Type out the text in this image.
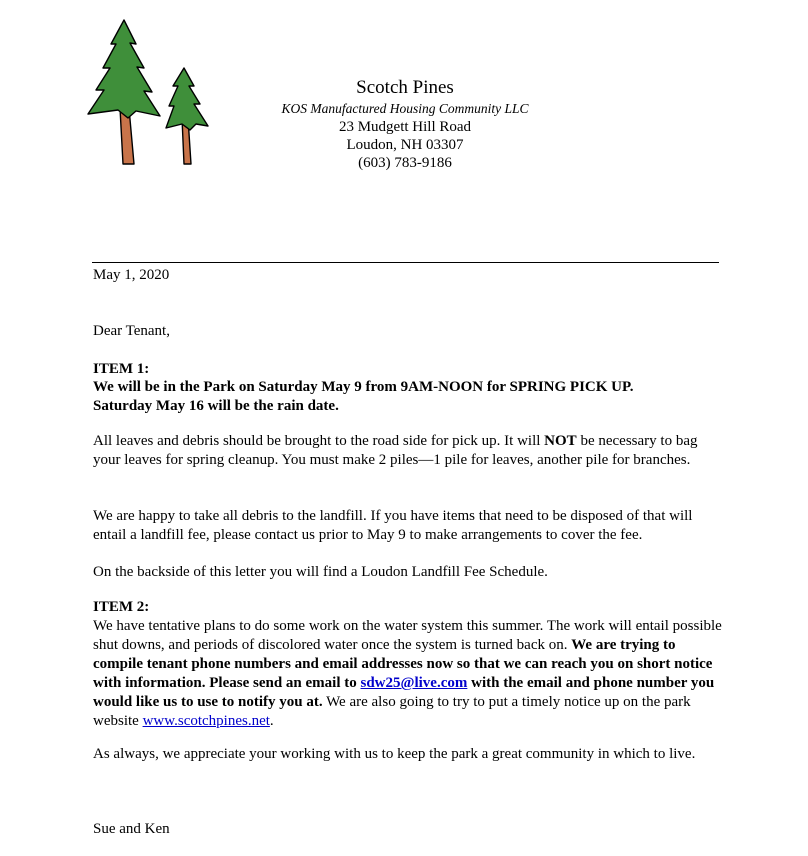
Scotch Pines
KOS Manufactured Housing Community LLC
23 Mudgett Hill Road
Loudon, NH 03307
(603) 783-9186
May 1, 2020
Dear Tenant,
ITEM 1:
We will be in the Park on Saturday May 9 from 9AM-NOON for SPRING PICK UP.
Saturday May 16 will be the rain date.
All leaves and debris should be brought to the road side for pick up. It will NOT be necessary to bag your leaves for spring cleanup. You must make 2 piles—1 pile for leaves, another pile for branches.
We are happy to take all debris to the landfill. If you have items that need to be disposed of that will entail a landfill fee, please contact us prior to May 9 to make arrangements to cover the fee.
On the backside of this letter you will find a Loudon Landfill Fee Schedule.
ITEM 2:
We have tentative plans to do some work on the water system this summer. The work will entail possible shut downs, and periods of discolored water once the system is turned back on. We are trying to compile tenant phone numbers and email addresses now so that we can reach you on short notice with information. Please send an email to sdw25@live.com with the email and phone number you would like us to use to notify you at. We are also going to try to put a timely notice up on the park website www.scotchpines.net.
As always, we appreciate your working with us to keep the park a great community in which to live.
Sue and Ken
